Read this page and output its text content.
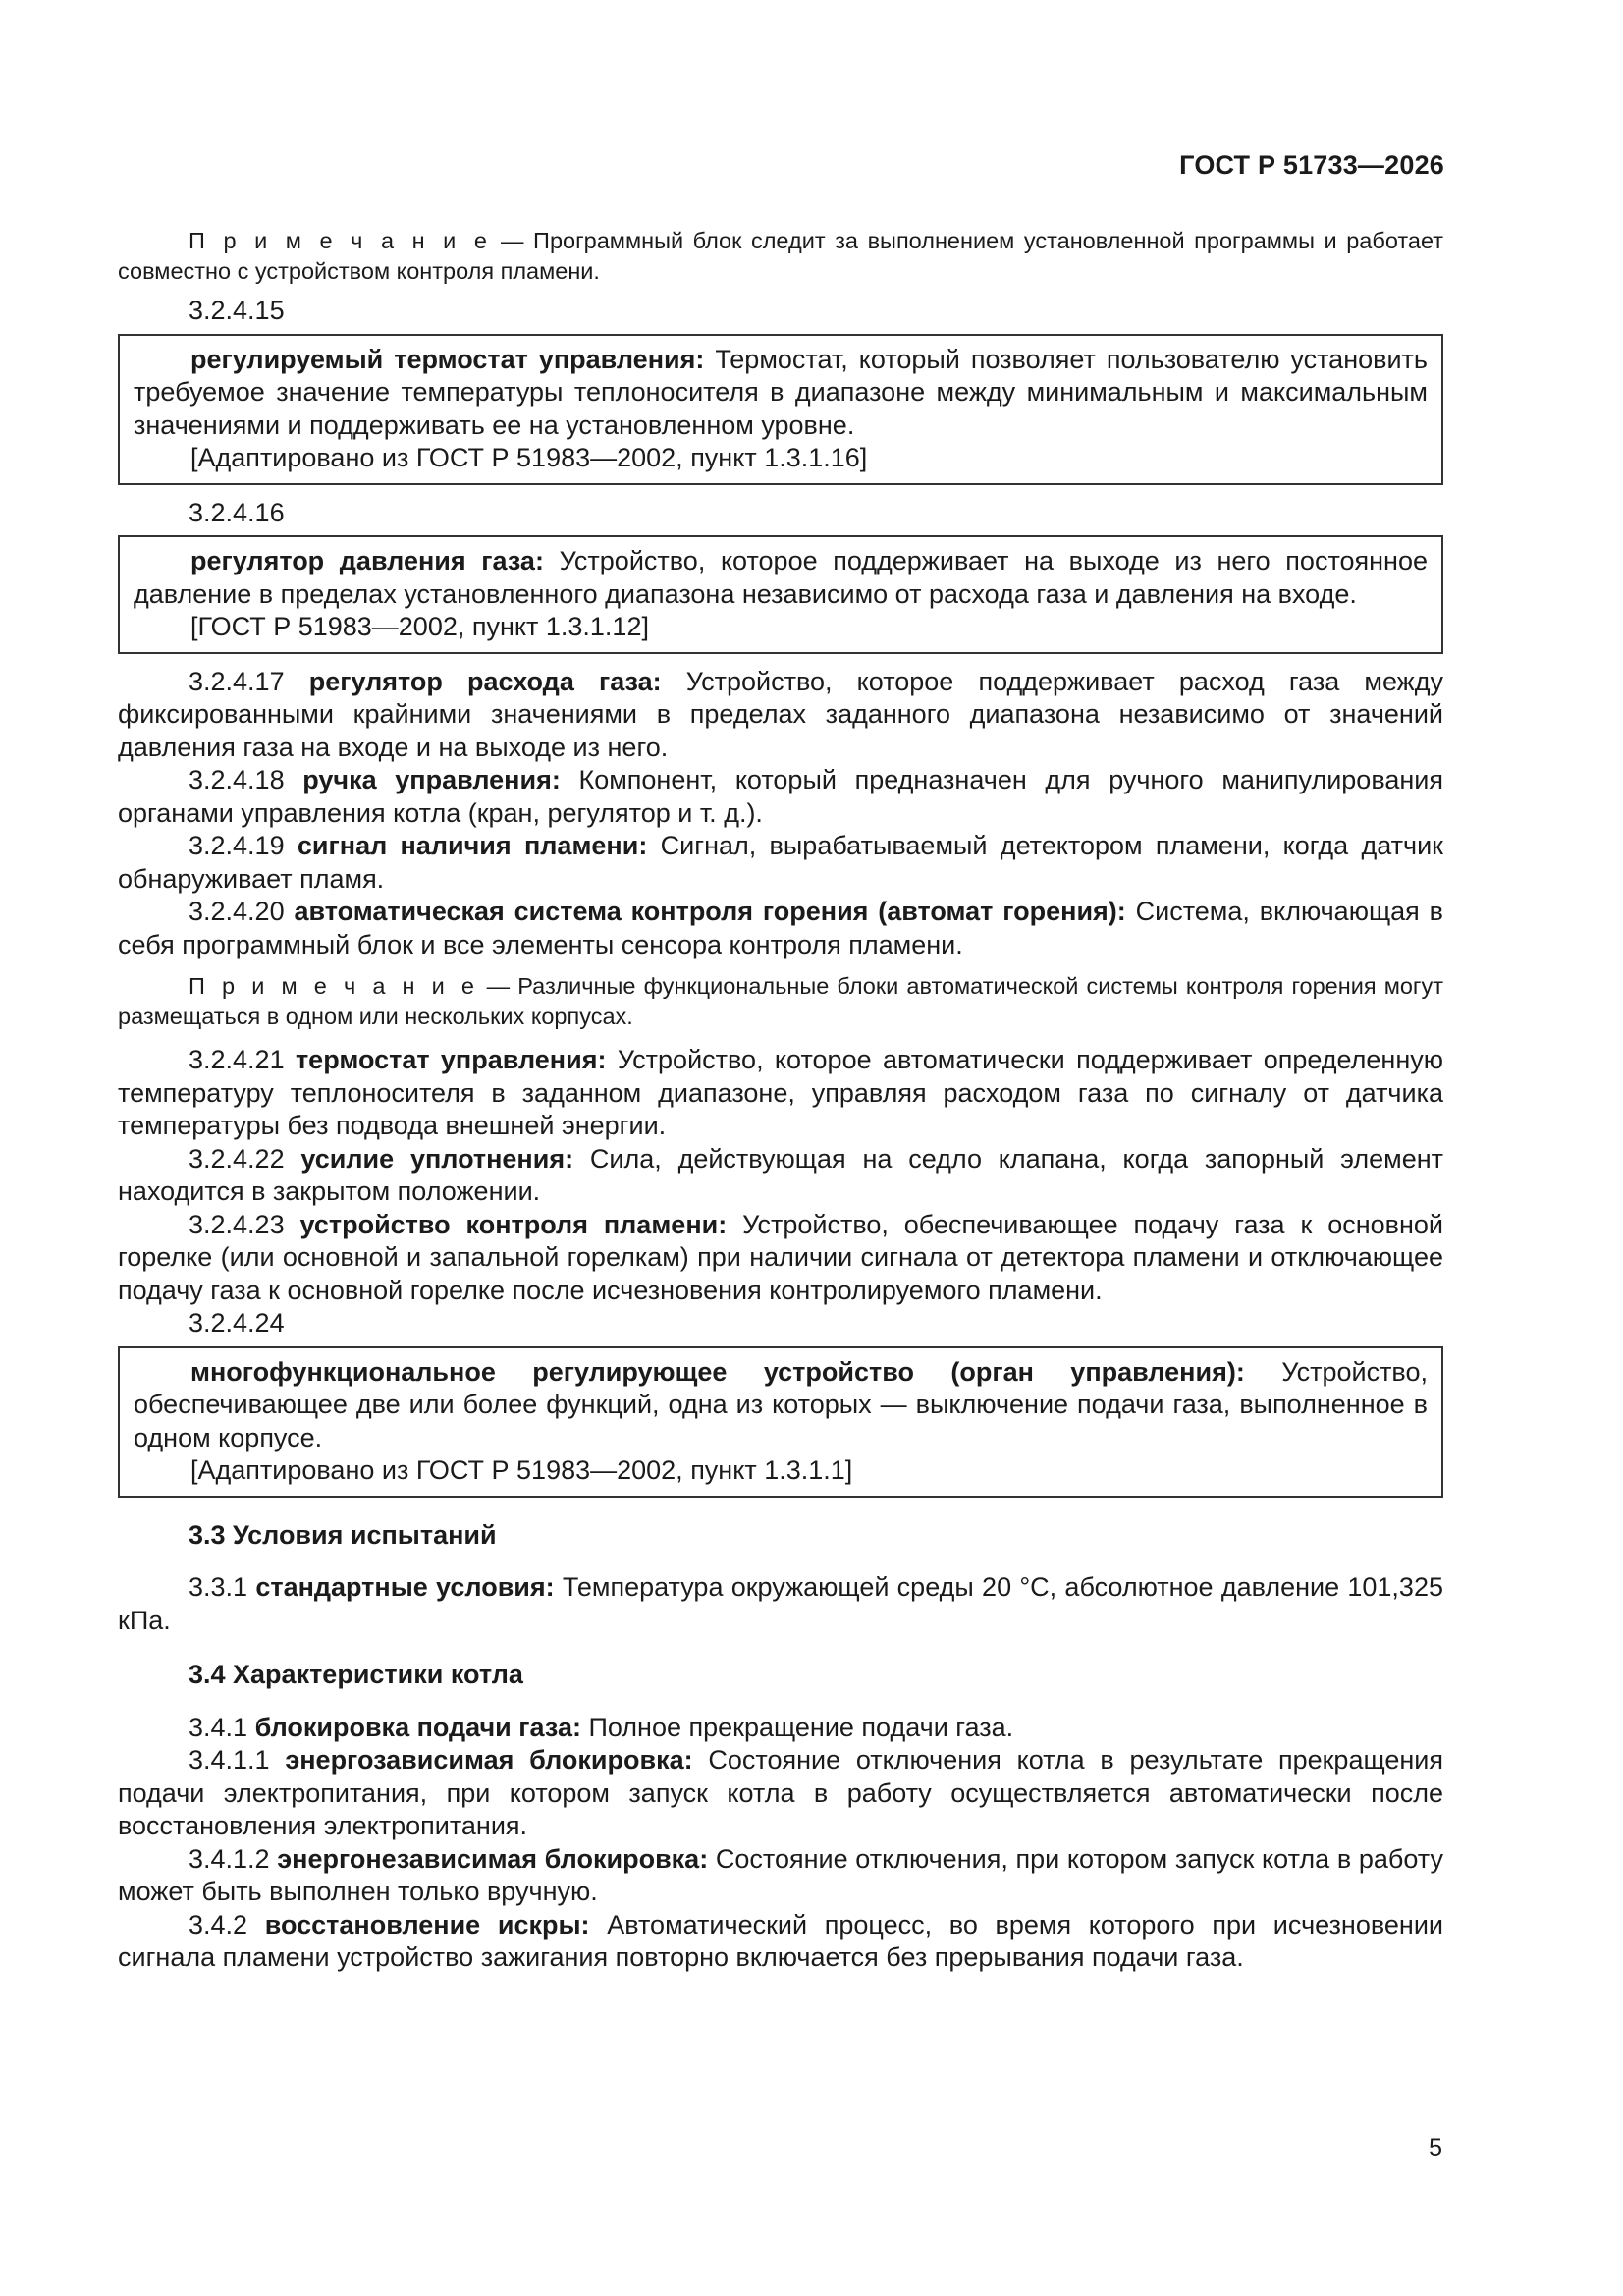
ГОСТ Р 51733—2026

П р и м е ч а н и е — Программный блок следит за выполнением установленной программы и работает совместно с устройством контроля пламени.

3.2.4.15

регулируемый термостат управления: Термостат, который позволяет пользователю установить требуемое значение температуры теплоносителя в диапазоне между минимальным и максимальным значениями и поддерживать ее на установленном уровне.

[Адаптировано из ГОСТ Р 51983—2002, пункт 1.3.1.16]

3.2.4.16

регулятор давления газа: Устройство, которое поддерживает на выходе из него постоянное давление в пределах установленного диапазона независимо от расхода газа и давления на входе.

[ГОСТ Р 51983—2002, пункт 1.3.1.12]

3.2.4.17 регулятор расхода газа: Устройство, которое поддерживает расход газа между фиксированными крайними значениями в пределах заданного диапазона независимо от значений давления газа на входе и на выходе из него.

3.2.4.18 ручка управления: Компонент, который предназначен для ручного манипулирования органами управления котла (кран, регулятор и т. д.).

3.2.4.19 сигнал наличия пламени: Сигнал, вырабатываемый детектором пламени, когда датчик обнаруживает пламя.

3.2.4.20 автоматическая система контроля горения (автомат горения): Система, включающая в себя программный блок и все элементы сенсора контроля пламени.

П р и м е ч а н и е — Различные функциональные блоки автоматической системы контроля горения могут размещаться в одном или нескольких корпусах.

3.2.4.21 термостат управления: Устройство, которое автоматически поддерживает определенную температуру теплоносителя в заданном диапазоне, управляя расходом газа по сигналу от датчика температуры без подвода внешней энергии.

3.2.4.22 усилие уплотнения: Сила, действующая на седло клапана, когда запорный элемент находится в закрытом положении.

3.2.4.23 устройство контроля пламени: Устройство, обеспечивающее подачу газа к основной горелке (или основной и запальной горелкам) при наличии сигнала от детектора пламени и отключающее подачу газа к основной горелке после исчезновения контролируемого пламени.

3.2.4.24

многофункциональное регулирующее устройство (орган управления): Устройство, обеспечивающее две или более функций, одна из которых — выключение подачи газа, выполненное в одном корпусе.

[Адаптировано из ГОСТ Р 51983—2002, пункт 1.3.1.1]

3.3 Условия испытаний

3.3.1 стандартные условия: Температура окружающей среды 20 °C, абсолютное давление 101,325 кПа.

3.4 Характеристики котла

3.4.1 блокировка подачи газа: Полное прекращение подачи газа.

3.4.1.1 энергозависимая блокировка: Состояние отключения котла в результате прекращения подачи электропитания, при котором запуск котла в работу осуществляется автоматически после восстановления электропитания.

3.4.1.2 энергонезависимая блокировка: Состояние отключения, при котором запуск котла в работу может быть выполнен только вручную.

3.4.2 восстановление искры: Автоматический процесс, во время которого при исчезновении сигнала пламени устройство зажигания повторно включается без прерывания подачи газа.

5
